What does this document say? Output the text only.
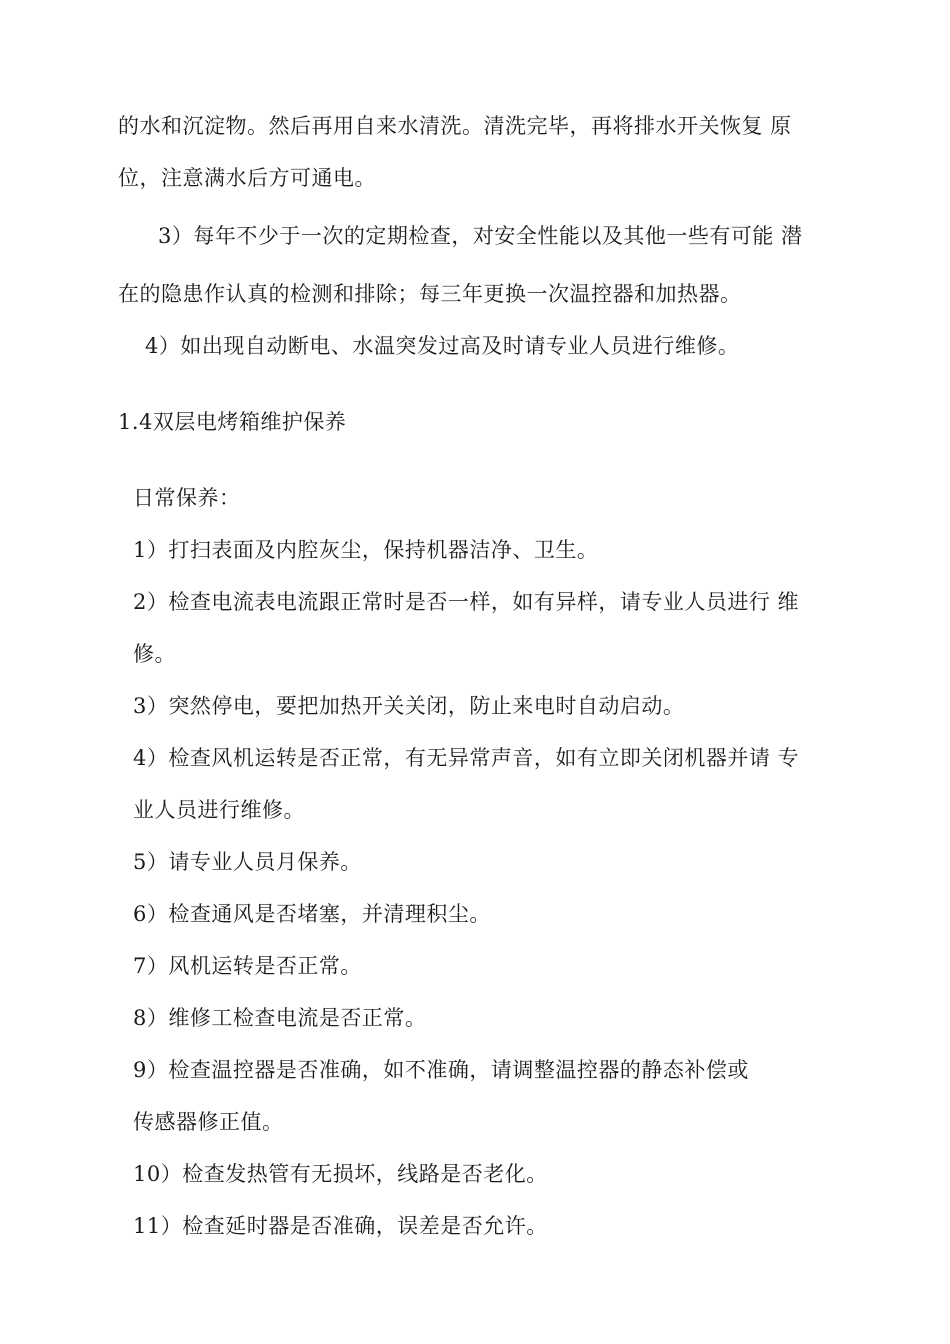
的水和沉淀物。然后再用自来水清洗。清洗完毕，再将排水开关恢复 原
位，注意满水后方可通电。
3）每年不少于一次的定期检查，对安全性能以及其他一些有可能 潜
在的隐患作认真的检测和排除；每三年更换一次温控器和加热器。
4）如出现自动断电、水温突发过高及时请专业人员进行维修。
1.4双层电烤箱维护保养
日常保养：
1）打扫表面及内腔灰尘，保持机器洁净、卫生。
2）检查电流表电流跟正常时是否一样，如有异样，请专业人员进行 维
修。
3）突然停电，要把加热开关关闭，防止来电时自动启动。
4）检查风机运转是否正常，有无异常声音，如有立即关闭机器并请 专
业人员进行维修。
5）请专业人员月保养。
6）检查通风是否堵塞，并清理积尘。
7）风机运转是否正常。
8）维修工检查电流是否正常。
9）检查温控器是否准确，如不准确，请调整温控器的静态补偿或
传感器修正值。
10）检查发热管有无损坏，线路是否老化。
11）检查延时器是否准确，误差是否允许。
